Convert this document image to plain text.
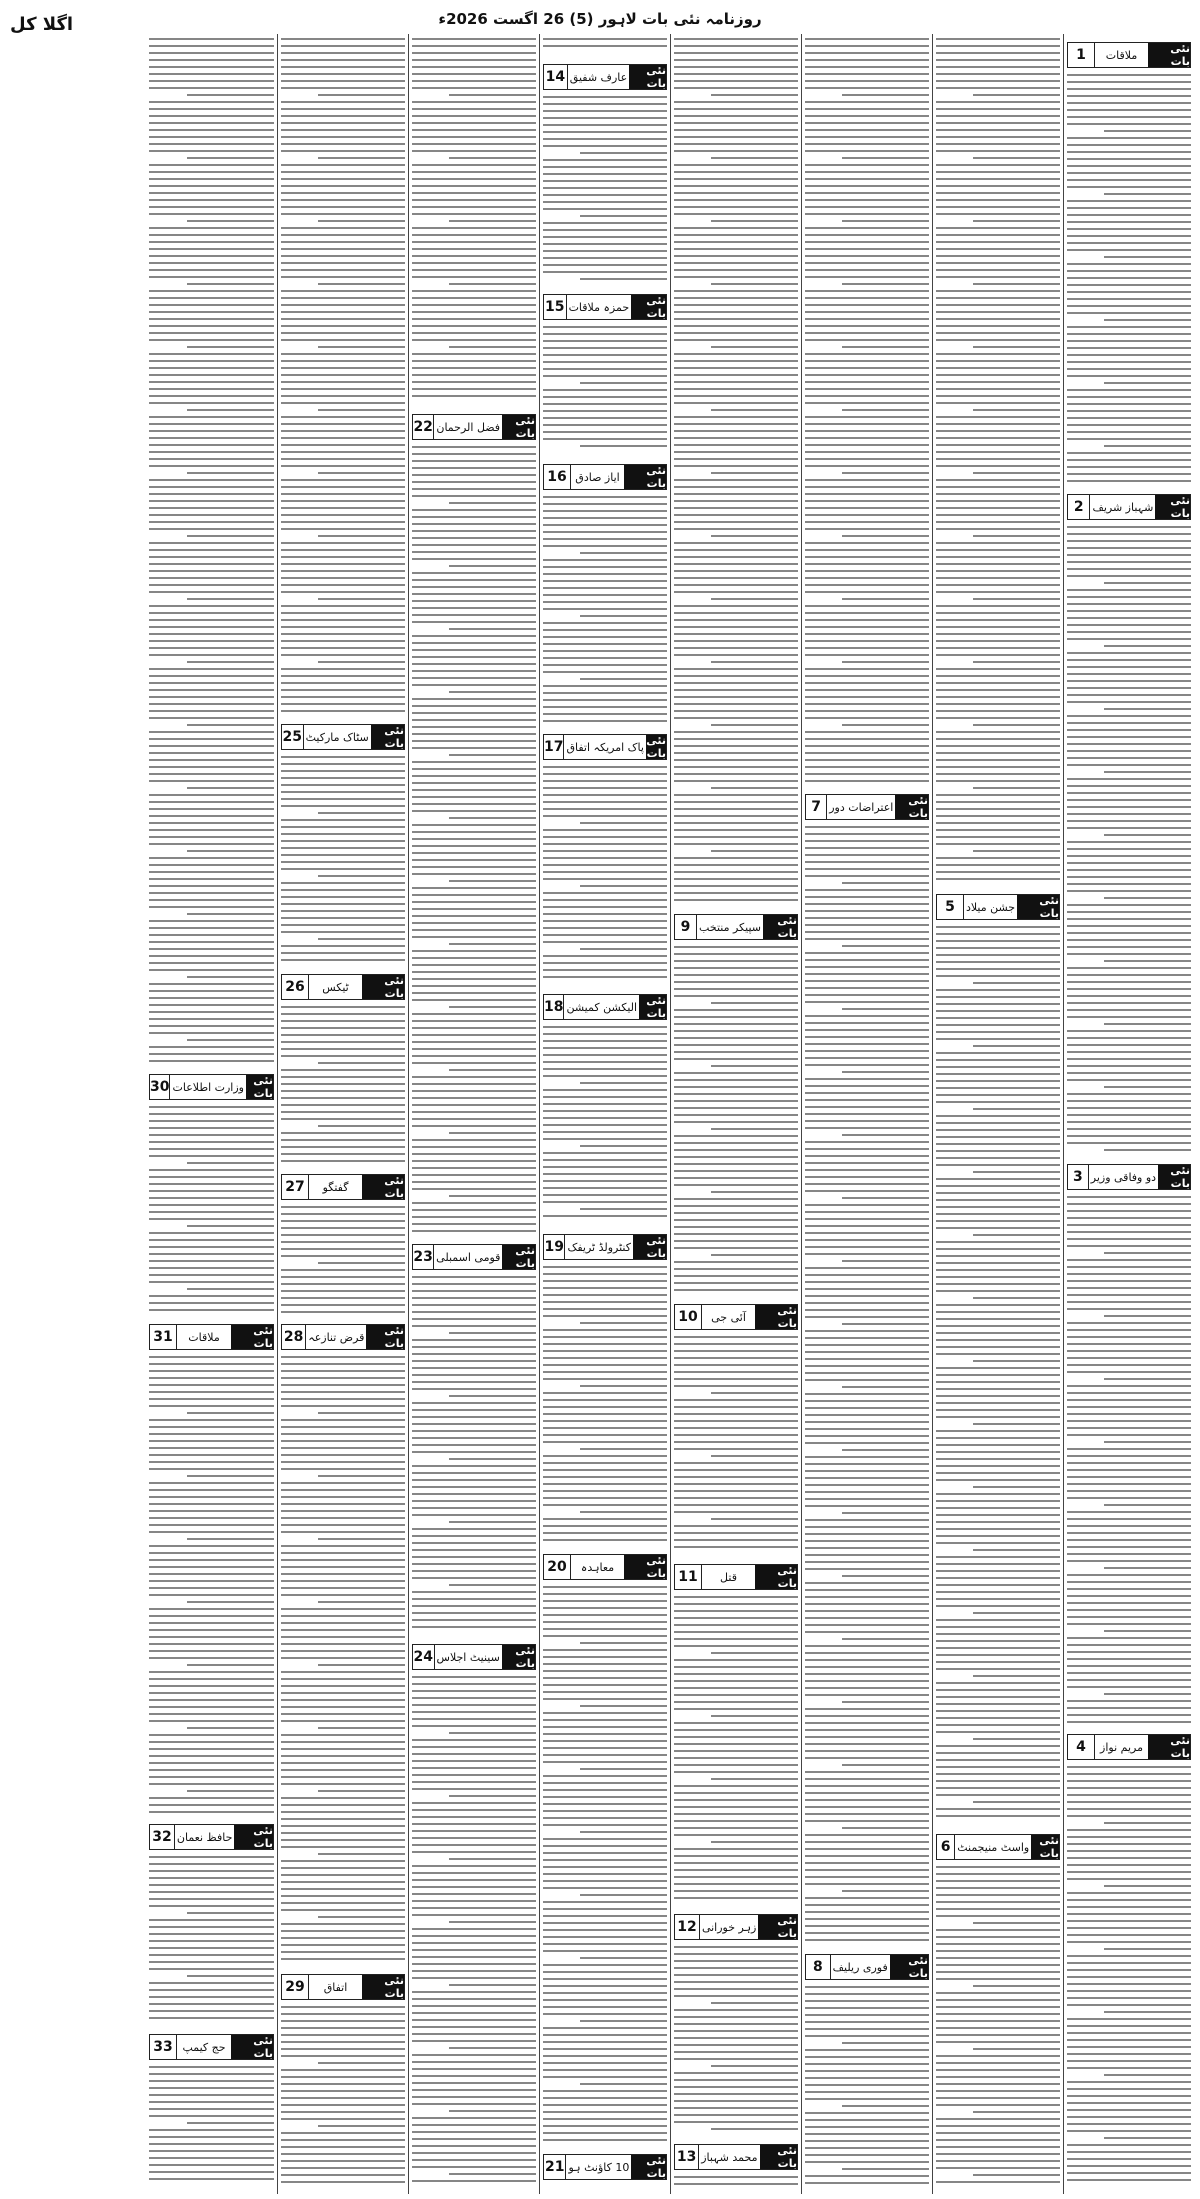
اگلا کل	روزنامہ نئی بات لاہور (5) 26 اگست 2026ء
نئی بات
ملاقات
1
نئی بات
شہباز شریف
2
نئی بات
دو وفاقی وزیر
3
نئی بات
مریم نواز
4
نئی بات
جشن میلاد
5
نئی بات
واسٹ منیجمنٹ
6
نئی بات
اعتراضات دور
7
نئی بات
فوری ریلیف
8
نئی بات
سپیکر منتخب
9
نئی بات
آئی جی
10
نئی بات
قتل
11
نئی بات
زہر خورانی
12
نئی بات
محمد شہباز
13
نئی بات
عارف شفیق
14
نئی بات
حمزہ ملاقات
15
نئی بات
ایاز صادق
16
نئی بات
پاک امریکہ اتفاق
17
نئی بات
الیکشن کمیشن
18
نئی بات
کنٹرولڈ ٹریفک
19
نئی بات
معاہدہ
20
نئی بات
10 کاؤنٹ ہو
21
نئی بات
فضل الرحمان
22
نئی بات
قومی اسمبلی
23
نئی بات
سینیٹ اجلاس
24
نئی بات
سٹاک مارکیٹ
25
نئی بات
ٹیکس
26
نئی بات
گفتگو
27
نئی بات
قرض تنازعہ
28
نئی بات
اتفاق
29
نئی بات
وزارت اطلاعات
30
نئی بات
ملاقات
31
نئی بات
حافظ نعمان
32
نئی بات
حج کیمپ
33
